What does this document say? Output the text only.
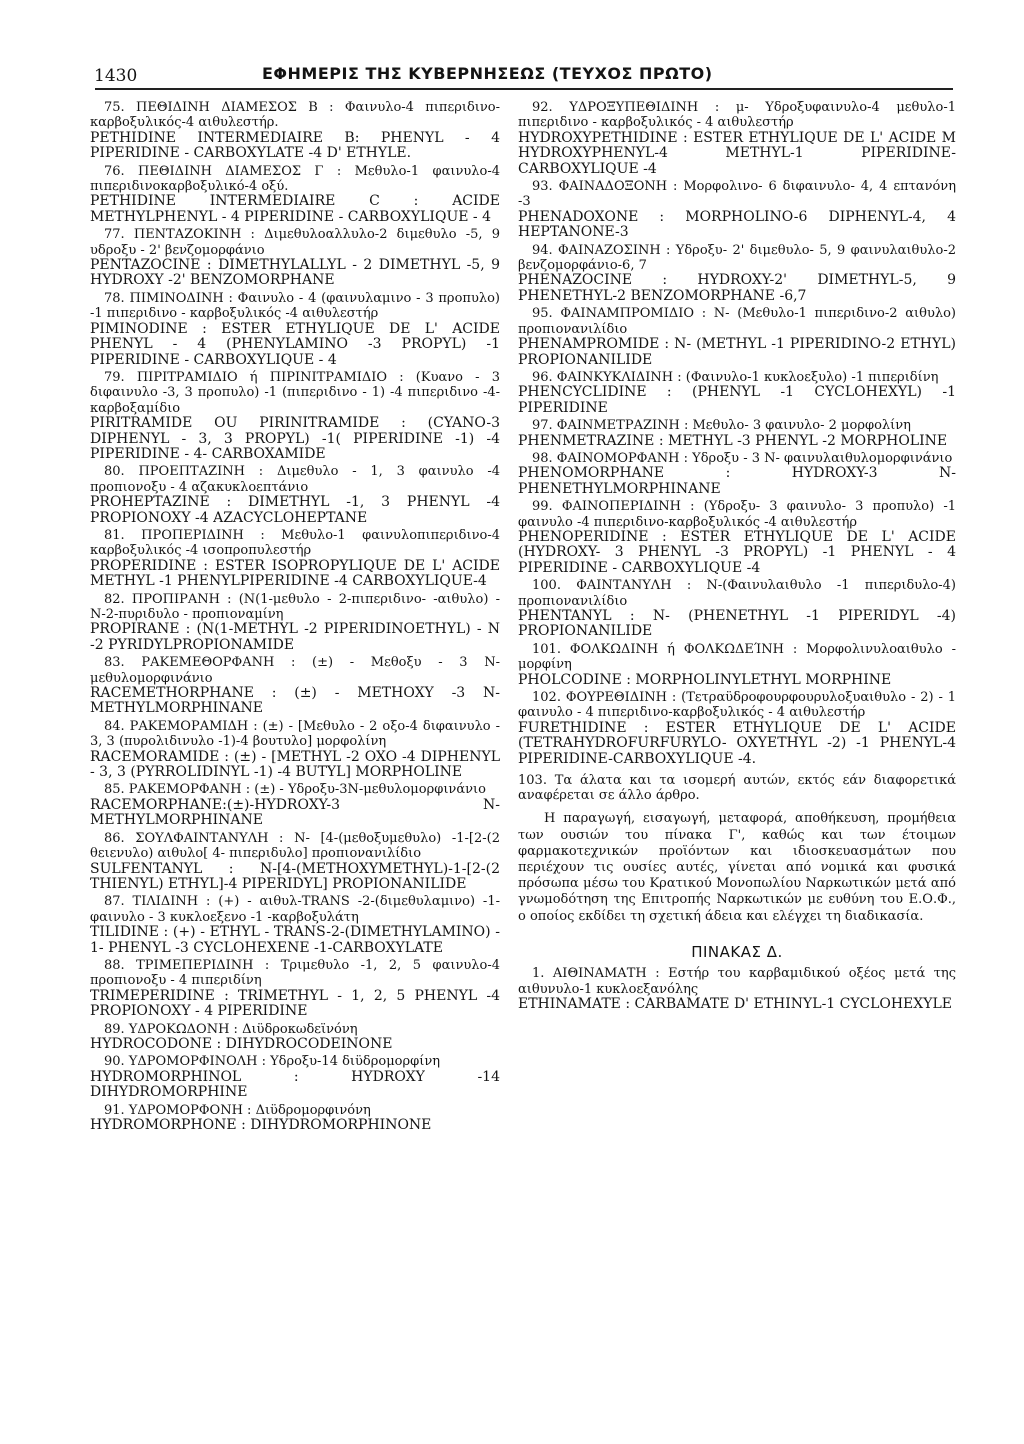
1430	ΕΦΗΜΕΡΙΣ ΤΗΣ ΚΥΒΕΡΝΗΣΕΩΣ (ΤΕΥΧΟΣ ΠΡΩΤΟ)
75. ΠΕΘΙΔΙΝΗ ΔΙΑΜΕΣΟΣ Β : Φαινυλο-4 πιπεριδινο-καρβοξυλικός-4 αιθυλεστήρ.
PETHIDINE INTERMEDIAIRE B: PHENYL - 4 PIPERIDINE - CARBOXYLATE -4 D' ETHYLE.
76. ΠΕΘΙΔΙΝΗ ΔΙΑΜΕΣΟΣ Γ : Μεθυλο-1 φαινυλο-4 πιπεριδινοκαρβοξυλικό-4 οξύ.
PETHIDINE INTERMEDIAIRE C : ACIDE METHYLPHENYL - 4 PIPERIDINE - CARBOXYLIQUE - 4
77. ΠΕΝΤΑΖΟΚΙΝΗ : Διμεθυλοαλλυλο-2 διμεθυλο -5, 9 υδροξυ - 2' βενζομορφάνιο
PENTAZOCINE : DIMETHYLALLYL - 2 DIMETHYL -5, 9 HYDROXY -2' BENZOMORPHANE
78. ΠΙΜΙΝΟΔΙΝΗ : Φαινυλο - 4 (φαινυλαμινο - 3 προπυλο) -1 πιπεριδινο - καρβοξυλικός -4 αιθυλεστήρ
PIMINODINE : ESTER ETHYLIQUE DE L' ACIDE PHENYL - 4 (PHENYLAMINO -3 PROPYL) -1 PIPERIDINE - CARBOXYLIQUE - 4
79. ΠΙΡΙΤΡΑΜΙΔΙΟ ή ΠΙΡΙΝΙΤΡΑΜΙΔΙΟ : (Κυανο - 3 διφαινυλο -3, 3 προπυλο) -1 (πιπεριδινο - 1) -4 πιπεριδινο -4- καρβοξαμίδιο
PIRITRAMIDE OU PIRINITRAMIDE : (CYANO-3 DIPHENYL - 3, 3 PROPYL) -1( PIPERIDINE -1) -4 PIPERIDINE - 4- CARBOXAMIDE
80. ΠΡΟΕΠΤΑΖΙΝΗ : Διμεθυλο - 1, 3 φαινυλο -4 προπιονοξυ - 4 αζακυκλοεπτάνιο
PROHEPTAZINE : DIMETHYL -1, 3 PHENYL -4 PROPIONOXY -4 AZACYCLOHEPTANE
81. ΠΡΟΠΕΡΙΔΙΝΗ : Μεθυλο-1 φαινυλοπιπεριδινο-4 καρβοξυλικός -4 ισοπροπυλεστήρ
PROPERIDINE : ESTER ISOPROPYLIQUE DE L' ACIDE METHYL -1 PHENYLPIPERIDINE -4 CARBOXYLIQUE-4
82. ΠΡΟΠΙΡΑΝΗ : (Ν(1-μεθυλο - 2-πιπεριδινο- -αιθυλο) - Ν-2-πυριδυλο - προπιοναμίνη
PROPIRANE : (N(1-METHYL -2 PIPERIDINOETHYL) - N -2 PYRIDYLPROPIONAMIDE
83. ΡΑΚΕΜΕΘΟΡΦΑΝΗ : (±) - Μεθοξυ - 3 Ν- μεθυλομορφινάνιο
RACEMETHORPHANE : (±) - METHOXY -3 N-METHYLMORPHINANE
84. ΡΑΚΕΜΟΡΑΜΙΔΗ : (±) - [Μεθυλο - 2 οξο-4 διφαινυλο - 3, 3 (πυρολιδινυλο -1)-4 βουτυλο] μορφολίνη
RACEMORAMIDE : (±) - [METHYL -2 OXO -4 DIPHENYL - 3, 3 (PYRROLIDINYL -1) -4 BUTYL] MORPHOLINE
85. ΡΑΚΕΜΟΡΦΑΝΗ : (±) - Υδροξυ-3Ν-μεθυλομορφινάνιο
RACEMORPHANE:(±)-HYDROXY-3 N-METHYLMORPHINANE
86. ΣΟΥΛΦΑΙΝΤΑΝΥΛΗ : Ν- [4-(μεθοξυμεθυλο) -1-[2-(2 θειενυλο) αιθυλο[ 4- πιπεριδυλο] προπιονανιλίδιο
SULFENTANYL : N-[4-(METHOXYMETHYL)-1-[2-(2 THIENYL) ETHYL]-4 PIPERIDYL] PROPIONANILIDE
87. ΤΙΛΙΔΙΝΗ : (+) - αιθυλ-TRANS -2-(διμεθυλαμινο) -1-φαινυλο - 3 κυκλοεξενο -1 -καρβοξυλάτη
TILIDINE : (+) - ETHYL - TRANS-2-(DIMETHYLAMINO) - 1- PHENYL -3 CYCLOHEXENE -1-CARBOXYLATE
88. ΤΡΙΜΕΠΕΡΙΔΙΝΗ : Τριμεθυλο -1, 2, 5 φαινυλο-4 προπιονοξυ - 4 πιπεριδίνη
TRIMEPERIDINE : TRIMETHYL - 1, 2, 5 PHENYL -4 PROPIONOXY - 4 PIPERIDINE
89. ΥΔΡΟΚΩΔΟΝΗ : Διϋδροκωδεϊνόνη
HYDROCODONE : DIHYDROCODEINONE
90. ΥΔΡΟΜΟΡΦΙΝΟΛΗ : Υδροξυ-14 διϋδρομορφίνη
HYDROMORPHINOL : HYDROXY -14 DIHYDROMORPHINE
91. ΥΔΡΟΜΟΡΦΟΝΗ : Διϋδρομορφινόνη
HYDROMORPHONE : DIHYDROMORPHINONE
92. ΥΔΡΟΞΥΠΕΘΙΔΙΝΗ : μ- Υδροξυφαινυλο-4 μεθυλο-1 πιπεριδινο - καρβοξυλικός - 4 αιθυλεστήρ
HYDROXYPETHIDINE : ESTER ETHYLIQUE DE L' ACIDE M HYDROXYPHENYL-4 METHYL-1 PIPERIDINE-CARBOXYLIQUE -4
93. ΦΑΙΝΑΔΟΞΟΝΗ : Μορφολινο- 6 διφαινυλο- 4, 4 επτανόνη -3
PHENADOXONE : MORPHOLINO-6 DIPHENYL-4, 4 HEPTANONE-3
94. ΦΑΙΝΑΖΟΣΙΝΗ : Υδροξυ- 2' διμεθυλο- 5, 9 φαινυλαιθυλο-2 βενζομορφάνιο-6, 7
PHENAZOCINE : HYDROXY-2' DIMETHYL-5, 9 PHENETHYL-2 BENZOMORPHANE -6,7
95. ΦΑΙΝΑΜΠΡΟΜΙΔΙΟ : Ν- (Μεθυλο-1 πιπεριδινο-2 αιθυλο) προπιονανιλίδιο
PHENAMPROMIDE : N- (METHYL -1 PIPERIDINO-2 ETHYL) PROPIONANILIDE
96. ΦΑΙΝΚΥΚΛΙΔΙΝΗ : (Φαινυλο-1 κυκλοεξυλο) -1 πιπεριδίνη
PHENCYCLIDINE : (PHENYL -1 CYCLOHEXYL) -1 PIPERIDINE
97. ΦΑΙΝΜΕΤΡΑΖΙΝΗ : Μεθυλο- 3 φαινυλο- 2 μορφολίνη
PHENMETRAZINE : METHYL -3 PHENYL -2 MORPHOLINE
98. ΦΑΙΝΟΜΟΡΦΑΝΗ : Υδροξυ - 3 Ν- φαινυλαιθυλομορφινάνιο
PHENOMORPHANE : HYDROXY-3 N- PHENETHYLMORPHINANE
99. ΦΑΙΝΟΠΕΡΙΔΙΝΗ : (Υδροξυ- 3 φαινυλο- 3 προπυλο) -1 φαινυλο -4 πιπεριδινο-καρβοξυλικός -4 αιθυλεστήρ
PHENOPERIDINE : ESTER ETHYLIQUE DE L' ACIDE (HYDROXY- 3 PHENYL -3 PROPYL) -1 PHENYL - 4 PIPERIDINE - CARBOXYLIQUE -4
100. ΦΑΙΝΤΑΝΥΛΗ : Ν-(Φαινυλαιθυλο -1 πιπεριδυλο-4) προπιονανιλίδιο
PHENTANYL : N- (PHENETHYL -1 PIPERIDYL -4) PROPIONANILIDE
101. ΦΟΛΚΩΔΙΝΗ ή ΦΟΛΚΩΔΕΊΝΗ : Μορφολινυλοαιθυλο - μορφίνη
PHOLCODINE : MORPHOLINYLETHYL MORPHINE
102. ΦΟΥΡΕΘΙΔΙΝΗ : (Τετραϋδροφουρφουρυλοξυαιθυλο - 2) - 1 φαινυλο - 4 πιπεριδινο-καρβοξυλικός - 4 αιθυλεστήρ
FURETHIDINE : ESTER ETHYLIQUE DE L' ACIDE (TETRAHYDROFURFURYLO- OXYETHYL -2) -1 PHENYL-4 PIPERIDINE-CARBOXYLIQUE -4.
103. Τα άλατα και τα ισομερή αυτών, εκτός εάν διαφορετικά αναφέρεται σε άλλο άρθρο.
Η παραγωγή, εισαγωγή, μεταφορά, αποθήκευση, προμήθεια των ουσιών του πίνακα Γ', καθώς και των έτοιμων φαρμακοτεχνικών προϊόντων και ιδιοσκευασμάτων που περιέχουν τις ουσίες αυτές, γίνεται από νομικά και φυσικά πρόσωπα μέσω του Κρατικού Μονοπωλίου Ναρκωτικών μετά από γνωμοδότηση της Επιτροπής Ναρκωτικών με ευθύνη του Ε.Ο.Φ., ο οποίος εκδίδει τη σχετική άδεια και ελέγχει τη διαδικασία.
ΠΙΝΑΚΑΣ Δ.
1. ΑΙΘΙΝΑΜΑΤΗ : Εστήρ του καρβαμιδικού οξέος μετά της αιθυνυλο-1 κυκλοεξανόλης
ETHINAMATE : CARBAMATE D' ETHINYL-1 CYCLOHEXYLE
